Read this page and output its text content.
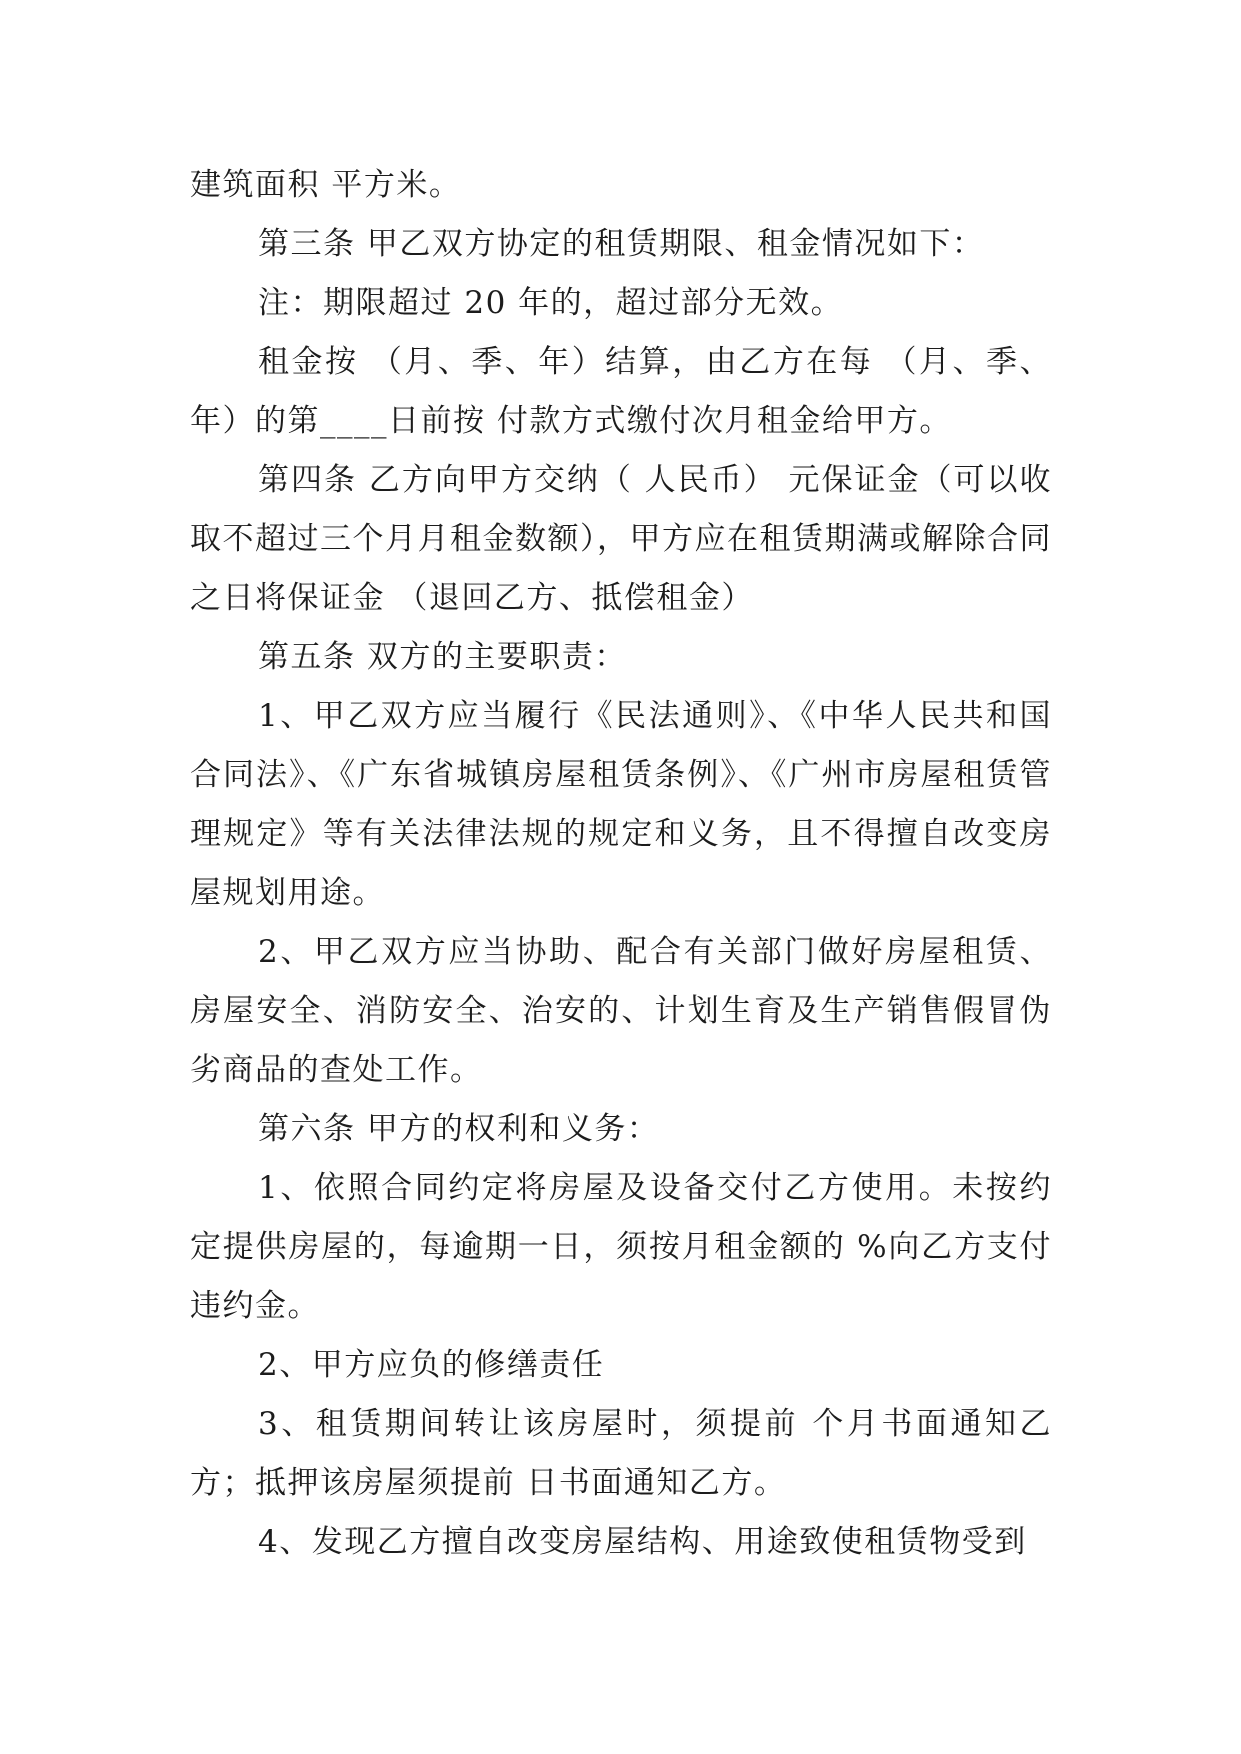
建筑面积 平方米。

第三条 甲乙双方协定的租赁期限、租金情况如下：

注：期限超过 20 年的，超过部分无效。

租金按 （月、季、年）结算，由乙方在每 （月、季、年）的第____日前按 付款方式缴付次月租金给甲方。

第四条 乙方向甲方交纳（ 人民币） 元保证金（可以收取不超过三个月月租金数额），甲方应在租赁期满或解除合同之日将保证金 （退回乙方、抵偿租金）

第五条 双方的主要职责：

1、甲乙双方应当履行《民法通则》、《中华人民共和国合同法》、《广东省城镇房屋租赁条例》、《广州市房屋租赁管理规定》等有关法律法规的规定和义务，且不得擅自改变房屋规划用途。

2、甲乙双方应当协助、配合有关部门做好房屋租赁、房屋安全、消防安全、治安的、计划生育及生产销售假冒伪劣商品的查处工作。

第六条 甲方的权利和义务：

1、依照合同约定将房屋及设备交付乙方使用。未按约定提供房屋的，每逾期一日，须按月租金额的 %向乙方支付违约金。

2、甲方应负的修缮责任

3、租赁期间转让该房屋时，须提前 个月书面通知乙方；抵押该房屋须提前 日书面通知乙方。

4、发现乙方擅自改变房屋结构、用途致使租赁物受到
